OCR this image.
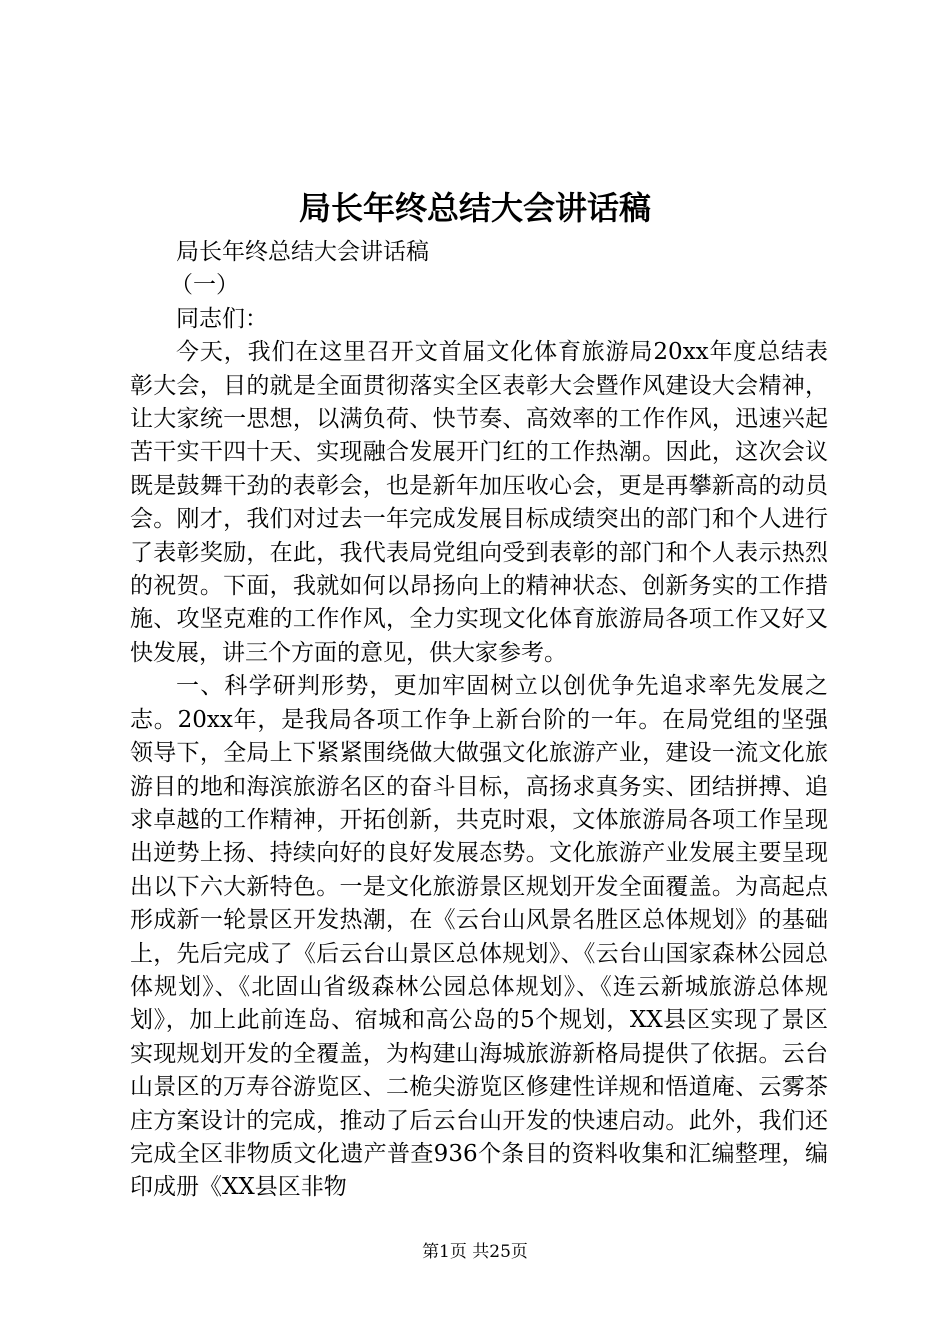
局长年终总结大会讲话稿

局长年终总结大会讲话稿

（一）

同志们：

今天，我们在这里召开文首届文化体育旅游局20xx年度总结表彰大会，目的就是全面贯彻落实全区表彰大会暨作风建设大会精神，让大家统一思想，以满负荷、快节奏、高效率的工作作风，迅速兴起苦干实干四十天、实现融合发展开门红的工作热潮。因此，这次会议既是鼓舞干劲的表彰会，也是新年加压收心会，更是再攀新高的动员会。刚才，我们对过去一年完成发展目标成绩突出的部门和个人进行了表彰奖励，在此，我代表局党组向受到表彰的部门和个人表示热烈的祝贺。下面，我就如何以昂扬向上的精神状态、创新务实的工作措施、攻坚克难的工作作风，全力实现文化体育旅游局各项工作又好又快发展，讲三个方面的意见，供大家参考。

一、科学研判形势，更加牢固树立以创优争先追求率先发展之志。20xx年，是我局各项工作争上新台阶的一年。在局党组的坚强领导下，全局上下紧紧围绕做大做强文化旅游产业，建设一流文化旅游目的地和海滨旅游名区的奋斗目标，高扬求真务实、团结拼搏、追求卓越的工作精神，开拓创新，共克时艰，文体旅游局各项工作呈现出逆势上扬、持续向好的良好发展态势。文化旅游产业发展主要呈现出以下六大新特色。一是文化旅游景区规划开发全面覆盖。为高起点形成新一轮景区开发热潮，在《云台山风景名胜区总体规划》的基础上，先后完成了《后云台山景区总体规划》、《云台山国家森林公园总体规划》、《北固山省级森林公园总体规划》、《连云新城旅游总体规划》，加上此前连岛、宿城和高公岛的5个规划，XX县区实现了景区实现规划开发的全覆盖，为构建山海城旅游新格局提供了依据。云台山景区的万寿谷游览区、二桅尖游览区修建性详规和悟道庵、云雾茶庄方案设计的完成，推动了后云台山开发的快速启动。此外，我们还完成全区非物质文化遗产普查936个条目的资料收集和汇编整理，编印成册《XX县区非物

第1页 共25页
